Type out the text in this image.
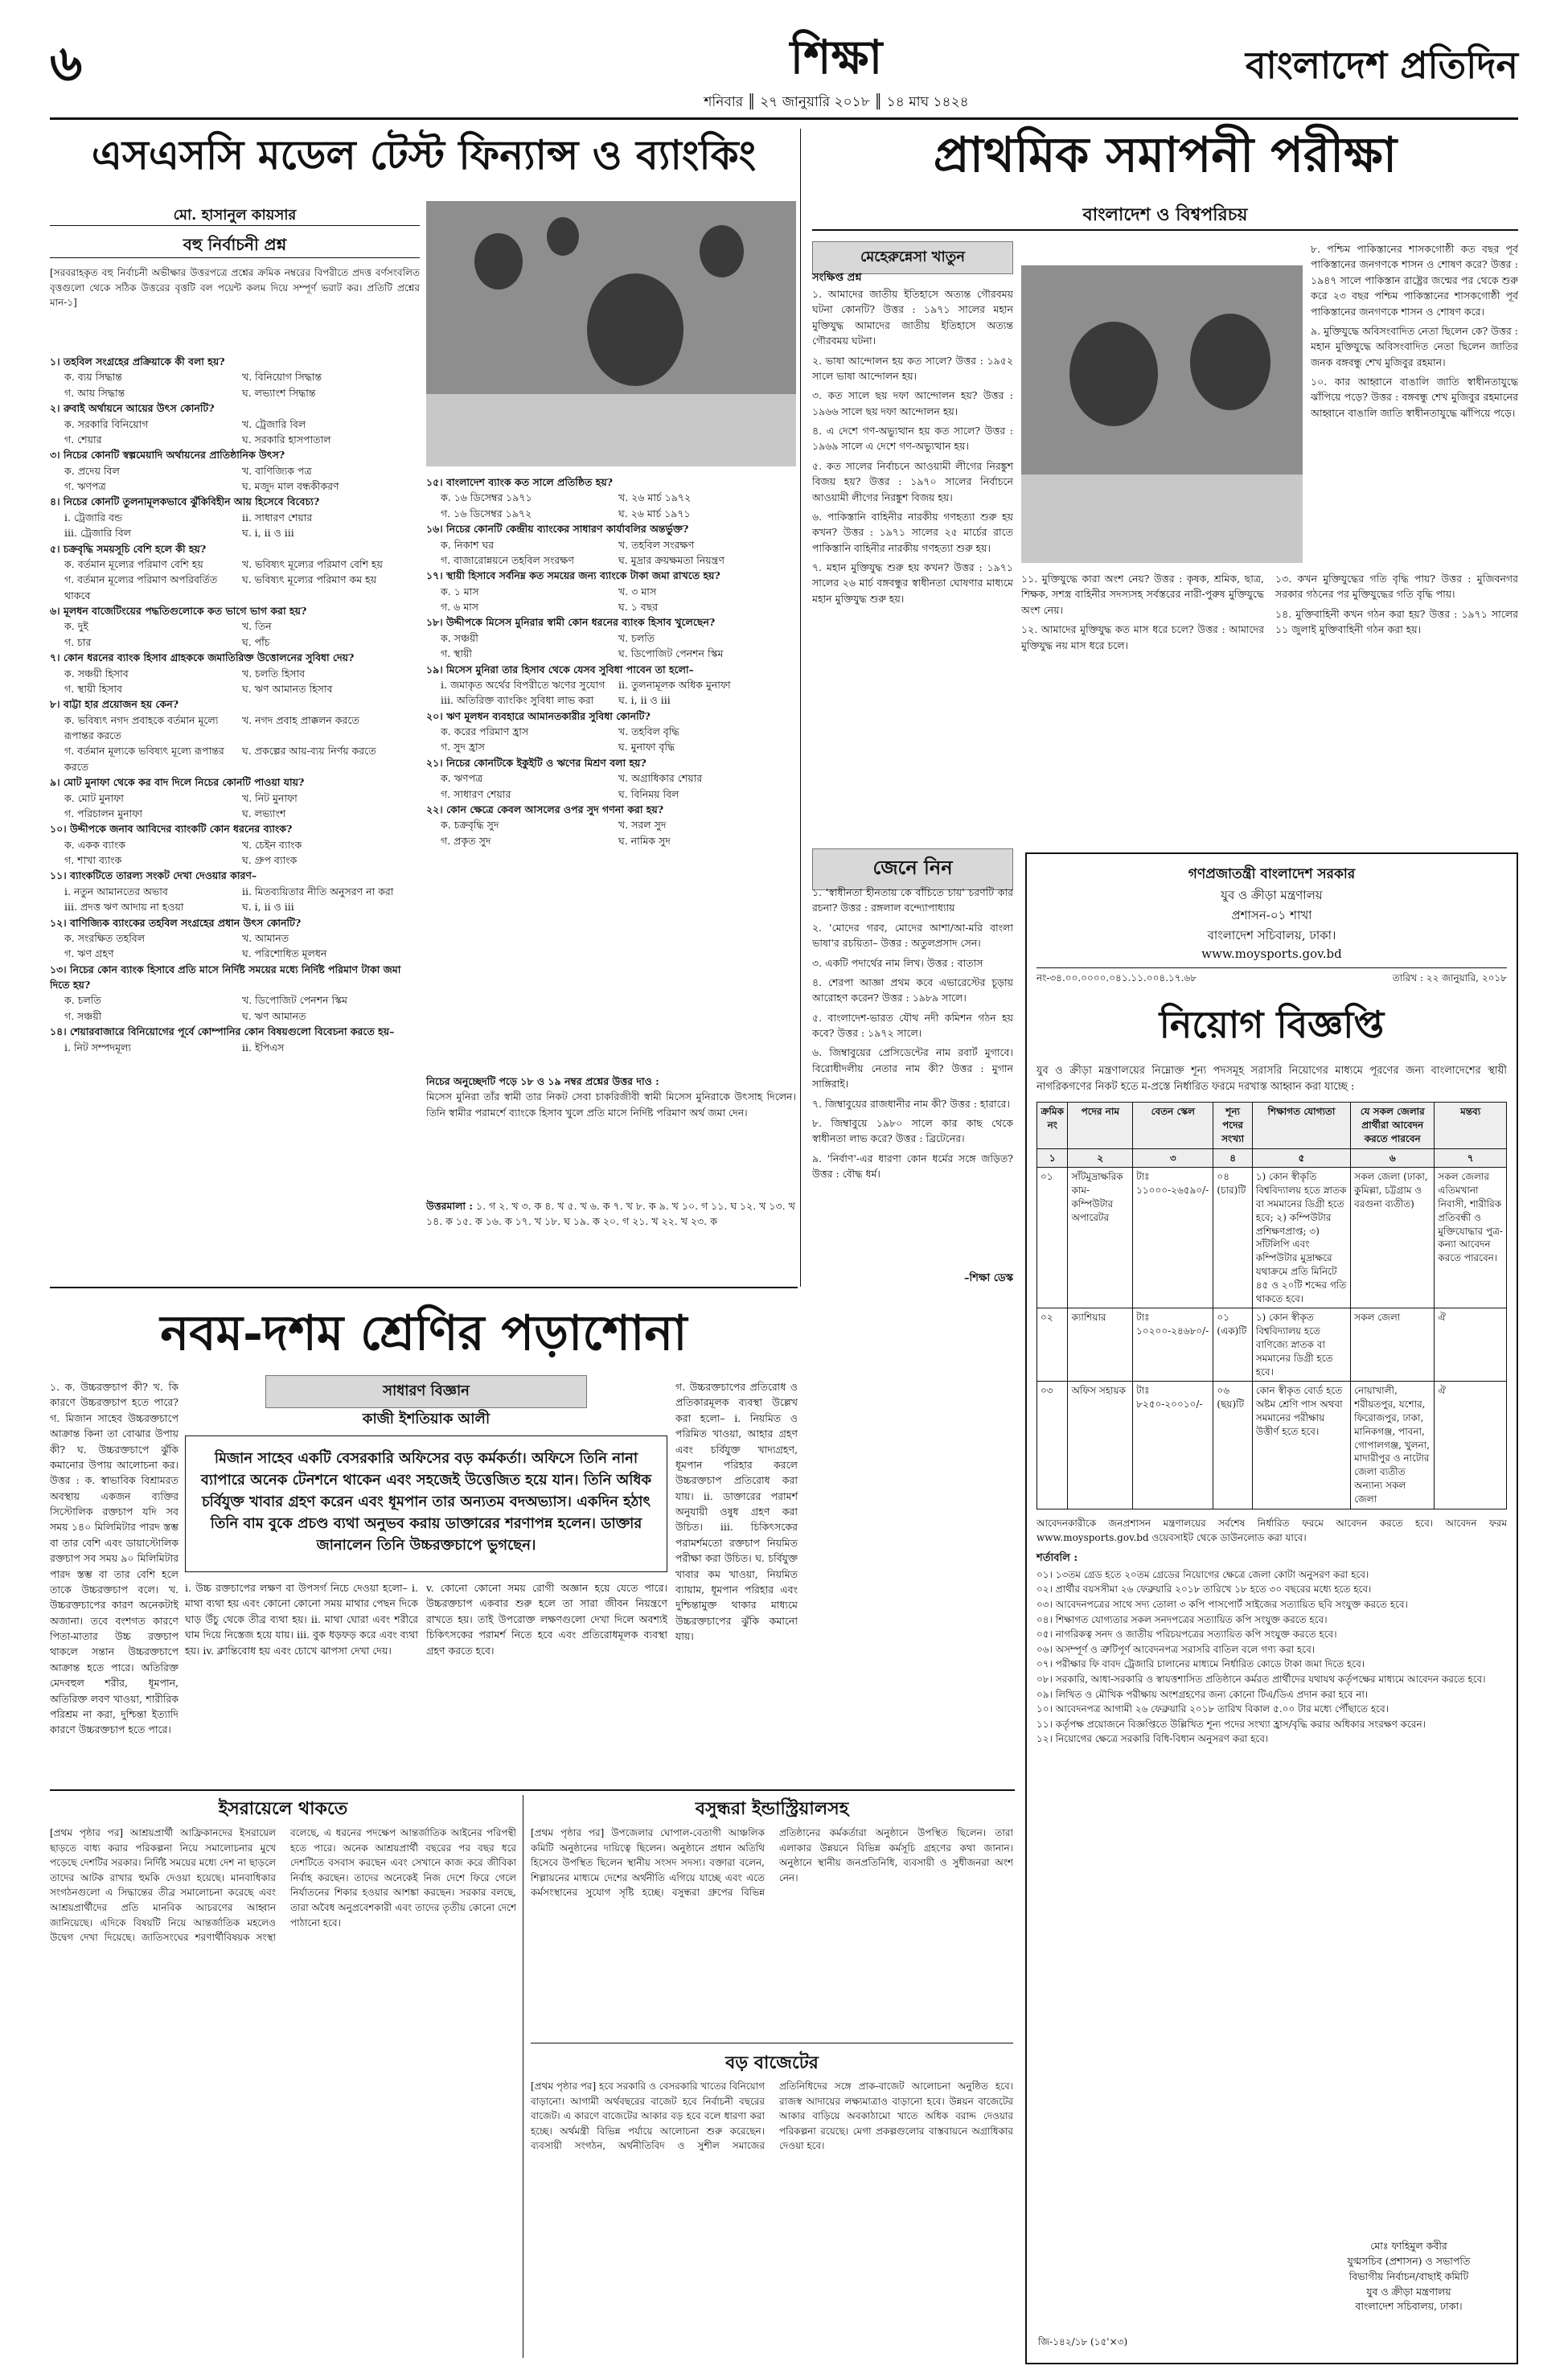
৬	শিক্ষা
শনিবার ║ ২৭ জানুয়ারি ২০১৮ ║ ১৪ মাঘ ১৪২৪
বাংলাদেশ প্রতিদিন
এসএসসি মডেল টেস্ট ফিন্যান্স ও ব্যাংকিং
মো. হাসানুল কায়সার
বহু নির্বাচনী প্রশ্ন
[সরবরাহকৃত বহু নির্বাচনী অভীক্ষার উত্তরপত্রে প্রশ্নের ক্রমিক নম্বরের বিপরীতে প্রদত্ত বর্ণসংবলিত বৃত্তগুলো থেকে সঠিক উত্তরের বৃত্তটি বল পয়েন্ট কলম দিয়ে সম্পূর্ণ ভরাট কর। প্রতিটি প্রশ্নের মান-১]
১। তহবিল সংগ্রহের প্রক্রিয়াকে কী বলা হয়?
ক. ব্যয় সিদ্ধান্ত	খ. বিনিয়োগ সিদ্ধান্ত
গ. আয় সিদ্ধান্ত	ঘ. লভ্যাংশ সিদ্ধান্ত
২। রুবাই অর্থায়নে আয়ের উৎস কোনটি?
ক. সরকারি বিনিয়োগ	খ. ট্রেজারি বিল
গ. শেয়ার	ঘ. সরকারি হাসপাতাল
৩। নিচের কোনটি স্বল্পমেয়াদি অর্থায়নের প্রাতিষ্ঠানিক উৎস?
ক. প্রদেয় বিল	খ. বাণিজ্যিক পত্র
গ. ঋণপত্র	ঘ. মজুদ মাল বন্ধকীকরণ
৪। নিচের কোনটি তুলনামূলকভাবে ঝুঁকিবিহীন আয় হিসেবে বিবেচ্য?
i. ট্রেজারি বন্ড	ii. সাধারণ শেয়ার
iii. ট্রেজারি বিল	ঘ. i, ii ও iii
৫। চক্রবৃদ্ধি সময়সূচি বেশি হলে কী হয়?
ক. বর্তমান মূল্যের পরিমাণ বেশি হয়	খ. ভবিষ্যৎ মূল্যের পরিমাণ বেশি হয়
গ. বর্তমান মূল্যের পরিমাণ অপরিবর্তিত থাকবে
ঘ. ভবিষ্যৎ মূল্যের পরিমাণ কম হয়
৬। মূলধন বাজেটিংয়ের পদ্ধতিগুলোকে কত ভাগে ভাগ করা হয়?
ক. দুই	খ. তিন
গ. চার	ঘ. পাঁচ
৭। কোন ধরনের ব্যাংক হিসাব গ্রাহককে জমাতিরিক্ত উত্তোলনের সুবিধা দেয়?
ক. সঞ্চয়ী হিসাব	খ. চলতি হিসাব
গ. স্থায়ী হিসাব	ঘ. ঋণ আমানত হিসাব
৮। বাট্টা হার প্রয়োজন হয় কেন?
ক. ভবিষ্যৎ নগদ প্রবাহকে বর্তমান মূল্যে রূপান্তর করতে
খ. নগদ প্রবাহ প্রাক্কলন করতে
গ. বর্তমান মূল্যকে ভবিষ্যৎ মূল্যে রূপান্তর করতে
ঘ. প্রকল্পের আয়-ব্যয় নির্ণয় করতে
৯। মোট মুনাফা থেকে কর বাদ দিলে নিচের কোনটি পাওয়া যায়?
ক. মোট মুনাফা	খ. নিট মুনাফা
গ. পরিচালন মুনাফা	ঘ. লভ্যাংশ
১০। উদ্দীপকে জনাব আবিদের ব্যাংকটি কোন ধরনের ব্যাংক?
ক. একক ব্যাংক	খ. চেইন ব্যাংক
গ. শাখা ব্যাংক	ঘ. গ্রুপ ব্যাংক
১১। ব্যাংকটিতে তারল্য সংকট দেখা দেওয়ার কারণ–
i. নতুন আমানতের অভাব	ii. মিতব্যয়িতার নীতি অনুসরণ না করা
iii. প্রদত্ত ঋণ আদায় না হওয়া	ঘ. i, ii ও iii
১২। বাণিজ্যিক ব্যাংকের তহবিল সংগ্রহের প্রধান উৎস কোনটি?
ক. সংরক্ষিত তহবিল	খ. আমানত
গ. ঋণ গ্রহণ	ঘ. পরিশোধিত মূলধন
১৩। নিচের কোন ব্যাংক হিসাবে প্রতি মাসে নির্দিষ্ট সময়ের মধ্যে নির্দিষ্ট পরিমাণ টাকা জমা দিতে হয়?
ক. চলতি	খ. ডিপোজিট পেনশন স্কিম
গ. সঞ্চয়ী	ঘ. ঋণ আমানত
১৪। শেয়ারবাজারে বিনিয়োগের পূর্বে কোম্পানির কোন বিষয়গুলো বিবেচনা করতে হয়–
i. নিট সম্পদমূল্য	ii. ইপিএস
১৫। বাংলাদেশ ব্যাংক কত সালে প্রতিষ্ঠিত হয়?
ক. ১৬ ডিসেম্বর ১৯৭১	খ. ২৬ মার্চ ১৯৭২
গ. ১৬ ডিসেম্বর ১৯৭২	ঘ. ২৬ মার্চ ১৯৭১
১৬। নিচের কোনটি কেন্দ্রীয় ব্যাংকের সাধারণ কার্যাবলির অন্তর্ভুক্ত?
ক. নিকাশ ঘর	খ. তহবিল সংরক্ষণ
গ. বাজারোন্নয়নে তহবিল সংরক্ষণ	ঘ. মুদ্রার ক্রয়ক্ষমতা নিয়ন্ত্রণ
১৭। স্থায়ী হিসাবে সর্বনিম্ন কত সময়ের জন্য ব্যাংকে টাকা জমা রাখতে হয়?
ক. ১ মাস	খ. ৩ মাস
গ. ৬ মাস	ঘ. ১ বছর
১৮। উদ্দীপকে মিসেস মুনিরার স্বামী কোন ধরনের ব্যাংক হিসাব খুলেছেন?
ক. সঞ্চয়ী	খ. চলতি
গ. স্থায়ী	ঘ. ডিপোজিট পেনশন স্কিম
১৯। মিসেস মুনিরা তার হিসাব থেকে যেসব সুবিধা পাবেন তা হলো–
i. জমাকৃত অর্থের বিপরীতে ঋণের সুযোগ	ii. তুলনামূলক অধিক মুনাফা
iii. অতিরিক্ত ব্যাংকিং সুবিধা লাভ করা	ঘ. i, ii ও iii
২০। ঋণ মূলধন ব্যবহারে আমানতকারীর সুবিধা কোনটি?
ক. করের পরিমাণ হ্রাস	খ. তহবিল বৃদ্ধি
গ. সুদ হ্রাস	ঘ. মুনাফা বৃদ্ধি
২১। নিচের কোনটিকে ইকুইটি ও ঋণের মিশ্রণ বলা হয়?
ক. ঋণপত্র	খ. অগ্রাধিকার শেয়ার
গ. সাধারণ শেয়ার	ঘ. বিনিময় বিল
২২। কোন ক্ষেত্রে কেবল আসলের ওপর সুদ গণনা করা হয়?
ক. চক্রবৃদ্ধি সুদ	খ. সরল সুদ
গ. প্রকৃত সুদ	ঘ. নামিক সুদ
নিচের অনুচ্ছেদটি পড়ে ১৮ ও ১৯ নম্বর প্রশ্নের উত্তর দাও :
মিসেস মুনিরা তাঁর স্বামী তার নিকট সেবা চাকরিজীবী স্বামী মিসেস মুনিরাকে উৎসাহ দিলেন। তিনি স্বামীর পরামর্শে ব্যাংকে হিসাব খুলে প্রতি মাসে নির্দিষ্ট পরিমাণ অর্থ জমা দেন।
উত্তরমালা : ১. গ ২. খ ৩. ক ৪. খ ৫. খ ৬. ক ৭. খ ৮. ক ৯. খ ১০. গ ১১. ঘ ১২. খ ১৩. খ ১৪. ক ১৫. ক ১৬. ক ১৭. খ ১৮. ঘ ১৯. ক ২০. গ ২১. খ ২২. খ ২৩. ক
প্রাথমিক সমাপনী পরীক্ষা
বাংলাদেশ ও বিশ্বপরিচয়
মেহেরুন্নেসা খাতুন
সংক্ষিপ্ত প্রশ্ন

১. আমাদের জাতীয় ইতিহাসে অত্যন্ত গৌরবময় ঘটনা কোনটি? উত্তর : ১৯৭১ সালের মহান মুক্তিযুদ্ধ আমাদের জাতীয় ইতিহাসে অত্যন্ত গৌরবময় ঘটনা।

২. ভাষা আন্দোলন হয় কত সালে? উত্তর : ১৯৫২ সালে ভাষা আন্দোলন হয়।

৩. কত সালে ছয় দফা আন্দোলন হয়? উত্তর : ১৯৬৬ সালে ছয় দফা আন্দোলন হয়।

৪. এ দেশে গণ-অভ্যুত্থান হয় কত সালে? উত্তর : ১৯৬৯ সালে এ দেশে গণ-অভ্যুত্থান হয়।

৫. কত সালের নির্বাচনে আওয়ামী লীগের নিরঙ্কুশ বিজয় হয়? উত্তর : ১৯৭০ সালের নির্বাচনে আওয়ামী লীগের নিরঙ্কুশ বিজয় হয়।

৬. পাকিস্তানি বাহিনীর নারকীয় গণহত্যা শুরু হয় কখন? উত্তর : ১৯৭১ সালের ২৫ মার্চের রাতে পাকিস্তানি বাহিনীর নারকীয় গণহত্যা শুরু হয়।

৭. মহান মুক্তিযুদ্ধ শুরু হয় কখন? উত্তর : ১৯৭১ সালের ২৬ মার্চ বঙ্গবন্ধুর স্বাধীনতা ঘোষণার মাধ্যমে মহান মুক্তিযুদ্ধ শুরু হয়।

৮. পশ্চিম পাকিস্তানের শাসকগোষ্ঠী কত বছর পূর্ব পাকিস্তানের জনগণকে শাসন ও শোষণ করে? উত্তর : ১৯৪৭ সালে পাকিস্তান রাষ্ট্রের জন্মের পর থেকে শুরু করে ২৩ বছর পশ্চিম পাকিস্তানের শাসকগোষ্ঠী পূর্ব পাকিস্তানের জনগণকে শাসন ও শোষণ করে।

৯. মুক্তিযুদ্ধে অবিসংবাদিত নেতা ছিলেন কে? উত্তর : মহান মুক্তিযুদ্ধে অবিসংবাদিত নেতা ছিলেন জাতির জনক বঙ্গবন্ধু শেখ মুজিবুর রহমান।

১০. কার আহ্বানে বাঙালি জাতি স্বাধীনতাযুদ্ধে ঝাঁপিয়ে পড়ে? উত্তর : বঙ্গবন্ধু শেখ মুজিবুর রহমানের আহ্বানে বাঙালি জাতি স্বাধীনতাযুদ্ধে ঝাঁপিয়ে পড়ে।

১১. মুক্তিযুদ্ধে কারা অংশ নেয়? উত্তর : কৃষক, শ্রমিক, ছাত্র, শিক্ষক, সশস্ত্র বাহিনীর সদস্যসহ সর্বস্তরের নারী-পুরুষ মুক্তিযুদ্ধে অংশ নেয়।

১২. আমাদের মুক্তিযুদ্ধ কত মাস ধরে চলে? উত্তর : আমাদের মুক্তিযুদ্ধ নয় মাস ধরে চলে।

১৩. কখন মুক্তিযুদ্ধের গতি বৃদ্ধি পায়? উত্তর : মুজিবনগর সরকার গঠনের পর মুক্তিযুদ্ধের গতি বৃদ্ধি পায়।

১৪. মুক্তিবাহিনী কখন গঠন করা হয়? উত্তর : ১৯৭১ সালের ১১ জুলাই মুক্তিবাহিনী গঠন করা হয়।

জেনে নিন

১. 'স্বাধীনতা হীনতায় কে বাঁচিতে চায়' চরণটি কার রচনা? উত্তর : রঙ্গলাল বন্দ্যোপাধ্যায়

২. 'মোদের গরব, মোদের আশা/আ-মরি বাংলা ভাষা'র রচয়িতা– উত্তর : অতুলপ্রসাদ সেন।

৩. একটি পদার্থের নাম লিখ। উত্তর : বাতাস

৪. শেরপা আজ্ঞা প্রথম কবে এভারেস্টের চূড়ায় আরোহণ করেন? উত্তর : ১৯৮৯ সালে।

৫. বাংলাদেশ-ভারত যৌথ নদী কমিশন গঠন হয় কবে? উত্তর : ১৯৭২ সালে।

৬. জিম্বাবুয়ের প্রেসিডেন্টের নাম রবার্ট মুগাবে। বিরোধীদলীয় নেতার নাম কী? উত্তর : মুগান সাঙ্গিরাই।

৭. জিম্বাবুয়ের রাজধানীর নাম কী? উত্তর : হারারে।

৮. জিম্বাবুয়ে ১৯৮০ সালে কার কাছ থেকে স্বাধীনতা লাভ করে? উত্তর : ব্রিটেনের।

৯. 'নির্বাণ'-এর ধারণা কোন ধর্মের সঙ্গে জড়িত? উত্তর : বৌদ্ধ ধর্ম।

–শিক্ষা ডেস্ক
গণপ্রজাতন্ত্রী বাংলাদেশ সরকার
যুব ও ক্রীড়া মন্ত্রণালয়
প্রশাসন-০১ শাখা
বাংলাদেশ সচিবালয়, ঢাকা।
www.moysports.gov.bd
নং-৩৪.০০.০০০০.০৪১.১১.০০৪.১৭.৬৮	তারিখ : ২২ জানুয়ারি, ২০১৮
নিয়োগ বিজ্ঞপ্তি
যুব ও ক্রীড়া মন্ত্রণালয়ের নিম্নোক্ত শূন্য পদসমূহ সরাসরি নিয়োগের মাধ্যমে পূরণের জন্য বাংলাদেশের স্থায়ী নাগরিকগণের নিকট হতে ম-প্রস্তে নির্ধারিত ফরমে দরখাস্ত আহ্বান করা যাচ্ছে :
ক্রমিক নং	পদের নাম	বেতন স্কেল	শূন্য পদের সংখ্যা	শিক্ষাগত যোগ্যতা	যে সকল জেলার প্রার্থীরা আবেদন করতে পারবেন	মন্তব্য
১	২	৩	৪	৫	৬	৭
০১	সাঁটমুদ্রাক্ষরিক কাম-কম্পিউটার অপারেটর	টাঃ ১১০০০-২৬৫৯০/-	০৪ (চার)টি	১) কোন স্বীকৃতি বিশ্ববিদ্যালয় হতে স্নাতক বা সমমানের ডিগ্রী হতে হবে; ২) কম্পিউটার প্রশিক্ষণপ্রাপ্ত; ৩) সাঁটলিপি এবং কম্পিউটার মুদ্রাক্ষরে যথাক্রমে প্রতি মিনিটে ৪৫ ও ২০টি শব্দের গতি থাকতে হবে।	সকল জেলা (ঢাকা, কুমিল্লা, চট্টগ্রাম ও বরগুনা ব্যতীত)	সকল জেলার এতিমখানা নিবাসী, শারীরিক প্রতিবন্ধী ও মুক্তিযোদ্ধার পুত্র-কন্যা আবেদন করতে পারবেন।
০২	ক্যাশিয়ার	টাঃ ১০২০০-২৪৬৮০/-	০১ (এক)টি	১) কোন স্বীকৃত বিশ্ববিদ্যালয় হতে বাণিজ্যে স্নাতক বা সমমানের ডিগ্রী হতে হবে।	সকল জেলা	ঐ
০৩	অফিস সহায়ক	টাঃ ৮২৫০-২০০১০/-	০৬ (ছয়)টি	কোন স্বীকৃত বোর্ড হতে অষ্টম শ্রেণি পাস অথবা সমমানের পরীক্ষায় উত্তীর্ণ হতে হবে।	নোয়াখালী, শরীয়তপুর, যশোর, ফিরোজপুর, ঢাকা, মানিকগঞ্জ, পাবনা, গোপালগঞ্জ, খুলনা, মাদারীপুর ও নাটোর জেলা ব্যতীত অন্যান্য সকল জেলা	ঐ
আবেদনকারীকে জনপ্রশাসন মন্ত্রণালয়ের সর্বশেষ নির্ধারিত ফরমে আবেদন করতে হবে। আবেদন ফরম www.moysports.gov.bd ওয়েবসাইট থেকে ডাউনলোড করা যাবে।
শর্তাবলি :
০১। ১৩তম গ্রেড হতে ২০তম গ্রেডের নিয়োগের ক্ষেত্রে জেলা কোটা অনুসরণ করা হবে।
০২। প্রার্থীর বয়সসীমা ২৬ ফেব্রুয়ারি ২০১৮ তারিখে ১৮ হতে ৩০ বছরের মধ্যে হতে হবে।
০৩। আবেদনপত্রের সাথে সদ্য তোলা ৩ কপি পাসপোর্ট সাইজের সত্যায়িত ছবি সংযুক্ত করতে হবে।
০৪। শিক্ষাগত যোগ্যতার সকল সনদপত্রের সত্যায়িত কপি সংযুক্ত করতে হবে।
০৫। নাগরিকত্ব সনদ ও জাতীয় পরিচয়পত্রের সত্যায়িত কপি সংযুক্ত করতে হবে।
০৬। অসম্পূর্ণ ও ত্রুটিপূর্ণ আবেদনপত্র সরাসরি বাতিল বলে গণ্য করা হবে।
০৭। পরীক্ষার ফি বাবদ ট্রেজারি চালানের মাধ্যমে নির্ধারিত কোডে টাকা জমা দিতে হবে।
০৮। সরকারি, আধা-সরকারি ও স্বায়ত্তশাসিত প্রতিষ্ঠানে কর্মরত প্রার্থীদের যথাযথ কর্তৃপক্ষের মাধ্যমে আবেদন করতে হবে।
০৯। লিখিত ও মৌখিক পরীক্ষায় অংশগ্রহণের জন্য কোনো টিএ/ডিএ প্রদান করা হবে না।
১০। আবেদনপত্র আগামী ২৬ ফেব্রুয়ারি ২০১৮ তারিখ বিকাল ৫.০০ টার মধ্যে পৌঁছাতে হবে।
১১। কর্তৃপক্ষ প্রয়োজনে বিজ্ঞপ্তিতে উল্লিখিত শূন্য পদের সংখ্যা হ্রাস/বৃদ্ধি করার অধিকার সংরক্ষণ করেন।
১২। নিয়োগের ক্ষেত্রে সরকারি বিধি-বিধান অনুসরণ করা হবে।
মোঃ ফাহিমুল কবীর
যুগ্মসচিব (প্রশাসন) ও সভাপতি
বিভাগীয় নির্বাচন/বাছাই কমিটি
যুব ও ক্রীড়া মন্ত্রণালয়
বাংলাদেশ সচিবালয়, ঢাকা।
জি-১৪২/১৮ (১৫'×৩)
নবম-দশম শ্রেণির পড়াশোনা
সাধারণ বিজ্ঞান
কাজী ইশতিয়াক আলী
মিজান সাহেব একটি বেসরকারি অফিসের বড় কর্মকর্তা। অফিসে তিনি নানা ব্যাপারে অনেক টেনশনে থাকেন এবং সহজেই উত্তেজিত হয়ে যান। তিনি অধিক চর্বিযুক্ত খাবার গ্রহণ করেন এবং ধূমপান তার অন্যতম বদঅভ্যাস। একদিন হঠাৎ তিনি বাম বুকে প্রচণ্ড ব্যথা অনুভব করায় ডাক্তারের শরণাপন্ন হলেন। ডাক্তার জানালেন তিনি উচ্চরক্তচাপে ভুগছেন।
১. ক. উচ্চরক্তচাপ কী? খ. কি কারণে উচ্চরক্তচাপ হতে পারে? গ. মিজান সাহেব উচ্চরক্তচাপে আক্রান্ত কিনা তা বোঝার উপায় কী? ঘ. উচ্চরক্তচাপে ঝুঁকি কমানোর উপায় আলোচনা কর। উত্তর : ক. স্বাভাবিক বিশ্রামরত অবস্থায় একজন ব্যক্তির সিস্টোলিক রক্তচাপ যদি সব সময় ১৪০ মিলিমিটার পারদ স্তম্ভ বা তার বেশি এবং ডায়াস্টোলিক রক্তচাপ সব সময় ৯০ মিলিমিটার পারদ স্তম্ভ বা তার বেশি হলে তাকে উচ্চরক্তচাপ বলে। খ. উচ্চরক্তচাপের কারণ অনেকটাই অজানা। তবে বংশগত কারণে পিতা-মাতার উচ্চ রক্তচাপ থাকলে সন্তান উচ্চরক্তচাপে আক্রান্ত হতে পারে। অতিরিক্ত মেদবহুল শরীর, ধূমপান, অতিরিক্ত লবণ খাওয়া, শারীরিক পরিশ্রম না করা, দুশ্চিন্তা ইত্যাদি কারণে উচ্চরক্তচাপ হতে পারে।
গ. উচ্চরক্তচাপের প্রতিরোধ ও প্রতিকারমূলক ব্যবস্থা উল্লেখ করা হলো– i. নিয়মিত ও পরিমিত খাওয়া, আহার গ্রহণ এবং চর্বিযুক্ত খাদ্যগ্রহণ, ধূমপান পরিহার করলে উচ্চরক্তচাপ প্রতিরোধ করা যায়। ii. ডাক্তারের পরামর্শ অনুযায়ী ওষুধ গ্রহণ করা উচিত। iii. চিকিৎসকের পরামর্শমতো রক্তচাপ নিয়মিত পরীক্ষা করা উচিত। ঘ. চর্বিযুক্ত খাবার কম খাওয়া, নিয়মিত ব্যায়াম, ধূমপান পরিহার এবং দুশ্চিন্তামুক্ত থাকার মাধ্যমে উচ্চরক্তচাপের ঝুঁকি কমানো যায়।
i. উচ্চ রক্তচাপের লক্ষণ বা উপসর্গ নিচে দেওয়া হলো– i. মাথা ব্যথা হয় এবং কোনো কোনো সময় মাথার পেছন দিকে ঘাড় উঁচু থেকে তীব্র ব্যথা হয়। ii. মাথা ঘোরা এবং শরীরে ঘাম দিয়ে নিস্তেজ হয়ে যায়। iii. বুক ধড়ফড় করে এবং ব্যথা হয়। iv. ক্লান্তিবোধ হয় এবং চোখে ঝাপসা দেখা দেয়।
v. কোনো কোনো সময় রোগী অজ্ঞান হয়ে যেতে পারে। উচ্চরক্তচাপ একবার শুরু হলে তা সারা জীবন নিয়ন্ত্রণে রাখতে হয়। তাই উপরোক্ত লক্ষণগুলো দেখা দিলে অবশ্যই চিকিৎসকের পরামর্শ নিতে হবে এবং প্রতিরোধমূলক ব্যবস্থা গ্রহণ করতে হবে।
ইসরায়েলে থাকতে
[প্রথম পৃষ্ঠার পর] আশ্রয়প্রার্থী আফ্রিকানদের ইসরায়েল ছাড়তে বাধ্য করার পরিকল্পনা নিয়ে সমালোচনার মুখে পড়েছে দেশটির সরকার। নির্দিষ্ট সময়ের মধ্যে দেশ না ছাড়লে তাদের আটক রাখার হুমকি দেওয়া হয়েছে। মানবাধিকার সংগঠনগুলো এ সিদ্ধান্তের তীব্র সমালোচনা করেছে এবং আশ্রয়প্রার্থীদের প্রতি মানবিক আচরণের আহ্বান জানিয়েছে। এদিকে বিষয়টি নিয়ে আন্তর্জাতিক মহলেও উদ্বেগ দেখা দিয়েছে। জাতিসংঘের শরণার্থীবিষয়ক সংস্থা বলেছে, এ ধরনের পদক্ষেপ আন্তর্জাতিক আইনের পরিপন্থী হতে পারে। অনেক আশ্রয়প্রার্থী বছরের পর বছর ধরে দেশটিতে বসবাস করছেন এবং সেখানে কাজ করে জীবিকা নির্বাহ করছেন। তাদের অনেকেই নিজ দেশে ফিরে গেলে নির্যাতনের শিকার হওয়ার আশঙ্কা করছেন। সরকার বলছে, তারা অবৈধ অনুপ্রবেশকারী এবং তাদের তৃতীয় কোনো দেশে পাঠানো হবে।
বসুন্ধরা ইন্ডাস্ট্রিয়ালসহ
[প্রথম পৃষ্ঠার পর] উপজেলার ঘোপাল-বেতাগী আঞ্চলিক কমিটি অনুষ্ঠানের দায়িত্বে ছিলেন। অনুষ্ঠানে প্রধান অতিথি হিসেবে উপস্থিত ছিলেন স্থানীয় সংসদ সদস্য। বক্তারা বলেন, শিল্পায়নের মাধ্যমে দেশের অর্থনীতি এগিয়ে যাচ্ছে এবং এতে কর্মসংস্থানের সুযোগ সৃষ্টি হচ্ছে। বসুন্ধরা গ্রুপের বিভিন্ন প্রতিষ্ঠানের কর্মকর্তারা অনুষ্ঠানে উপস্থিত ছিলেন। তারা এলাকার উন্নয়নে বিভিন্ন কর্মসূচি গ্রহণের কথা জানান। অনুষ্ঠানে স্থানীয় জনপ্রতিনিধি, ব্যবসায়ী ও সুধীজনরা অংশ নেন।
বড় বাজেটের
[প্রথম পৃষ্ঠার পর] হবে সরকারি ও বেসরকারি খাতের বিনিয়োগ বাড়ানো। আগামী অর্থবছরের বাজেট হবে নির্বাচনী বছরের বাজেট। এ কারণে বাজেটের আকার বড় হবে বলে ধারণা করা হচ্ছে। অর্থমন্ত্রী বিভিন্ন পর্যায়ে আলোচনা শুরু করেছেন। ব্যবসায়ী সংগঠন, অর্থনীতিবিদ ও সুশীল সমাজের প্রতিনিধিদের সঙ্গে প্রাক-বাজেট আলোচনা অনুষ্ঠিত হবে। রাজস্ব আদায়ের লক্ষ্যমাত্রাও বাড়ানো হবে। উন্নয়ন বাজেটের আকার বাড়িয়ে অবকাঠামো খাতে অধিক বরাদ্দ দেওয়ার পরিকল্পনা রয়েছে। মেগা প্রকল্পগুলোর বাস্তবায়নে অগ্রাধিকার দেওয়া হবে।
